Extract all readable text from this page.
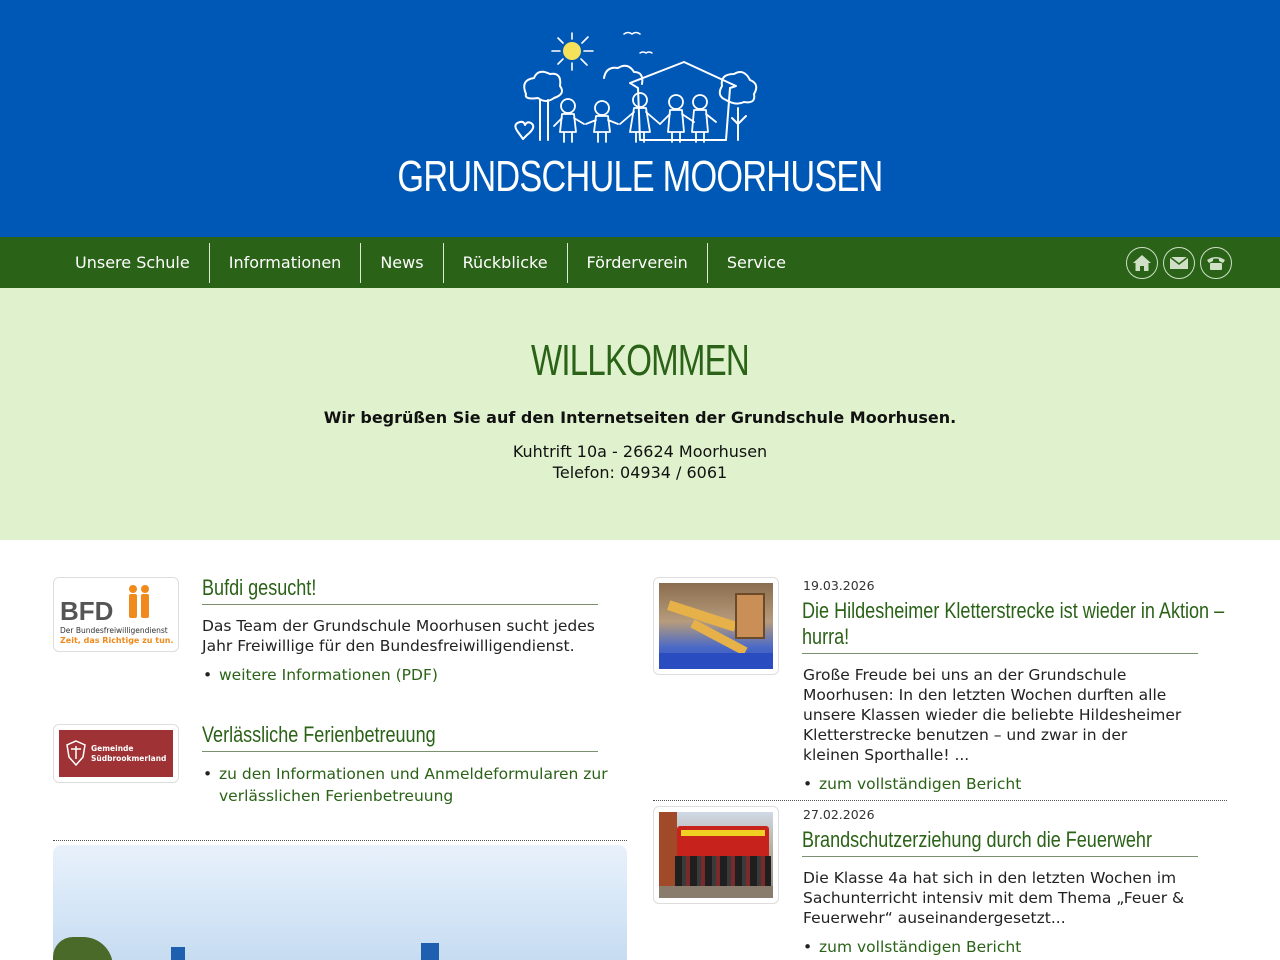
GRUNDSCHULE MOORHUSEN
Unsere Schule	Informationen	News	Rückblicke	Förderverein	Service
WILLKOMMEN
Wir begrüßen Sie auf den Internetseiten der Grundschule Moorhusen.
Kuhtrift 10a - 26624 Moorhusen
Telefon: 04934 / 6061
BFD
Der Bundesfreiwilligendienst
Zeit, das Richtige zu tun.
Bufdi gesucht!
Das Team der Grundschule Moorhusen sucht jedes Jahr Freiwillige für den Bundesfreiwilligendienst.
• weitere Informationen (PDF)
Gemeinde
Südbrookmerland
Verlässliche Ferienbetreuung
• zu den Informationen und Anmeldeformularen zur verlässlichen Ferienbetreuung
19.03.2026
Die Hildesheimer Kletterstrecke ist wieder in Aktion –
hurra!
Große Freude bei uns an der Grundschule Moorhusen: In den letzten Wochen durften alle unsere Klassen wieder die beliebte Hildesheimer Kletterstrecke benutzen – und zwar in der kleinen Sporthalle! ...
• zum vollständigen Bericht
27.02.2026
Brandschutzerziehung durch die Feuerwehr
Die Klasse 4a hat sich in den letzten Wochen im Sachunterricht intensiv mit dem Thema „Feuer & Feuerwehr“ auseinandergesetzt...
• zum vollständigen Bericht
